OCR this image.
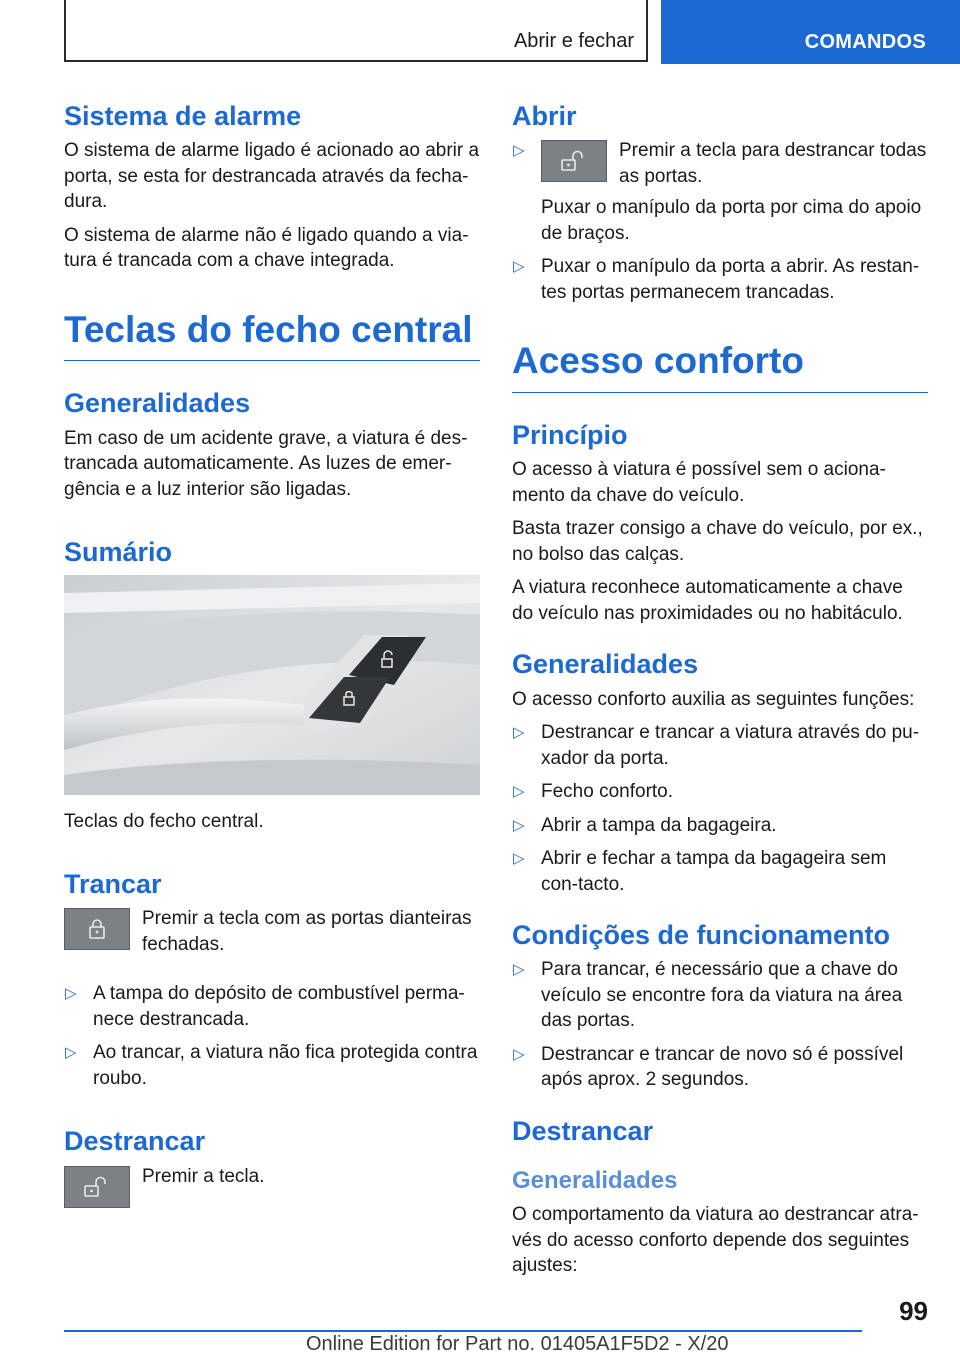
Abrir e fechar	COMANDOS
Sistema de alarme

O sistema de alarme ligado é acionado ao abrir a porta, se esta for destrancada através da fecha‐dura.

O sistema de alarme não é ligado quando a via‐tura é trancada com a chave integrada.

Teclas do fecho central
Generalidades

Em caso de um acidente grave, a viatura é des‐trancada automaticamente. As luzes de emer‐gência e a luz interior são ligadas.

Sumário

Teclas do fecho central.

Trancar

Premir a tecla com as portas dianteiras fechadas.

▷ A tampa do depósito de combustível perma‐nece destrancada.
▷ Ao trancar, a viatura não fica protegida contra roubo.
Destrancar

Premir a tecla.

Abrir
▷	Premir a tecla para destrancar todas as portas.
Puxar o manípulo da porta por cima do apoio de braços.
▷ Puxar o manípulo da porta a abrir. As restan‐tes portas permanecem trancadas.
Acesso conforto
Princípio

O acesso à viatura é possível sem o aciona‐mento da chave do veículo.

Basta trazer consigo a chave do veículo, por ex., no bolso das calças.

A viatura reconhece automaticamente a chave do veículo nas proximidades ou no habitáculo.

Generalidades

O acesso conforto auxilia as seguintes funções:

▷ Destrancar e trancar a viatura através do pu‐xador da porta.
▷ Fecho conforto.
▷ Abrir a tampa da bagageira.
▷ Abrir e fechar a tampa da bagageira sem con‐tacto.
Condições de funcionamento
▷ Para trancar, é necessário que a chave do veículo se encontre fora da viatura na área das portas.
▷ Destrancar e trancar de novo só é possível após aprox. 2 segundos.
Destrancar
Generalidades

O comportamento da viatura ao destrancar atra‐vés do acesso conforto depende dos seguintes ajustes:

99
Online Edition for Part no. 01405A1F5D2 - X/20
